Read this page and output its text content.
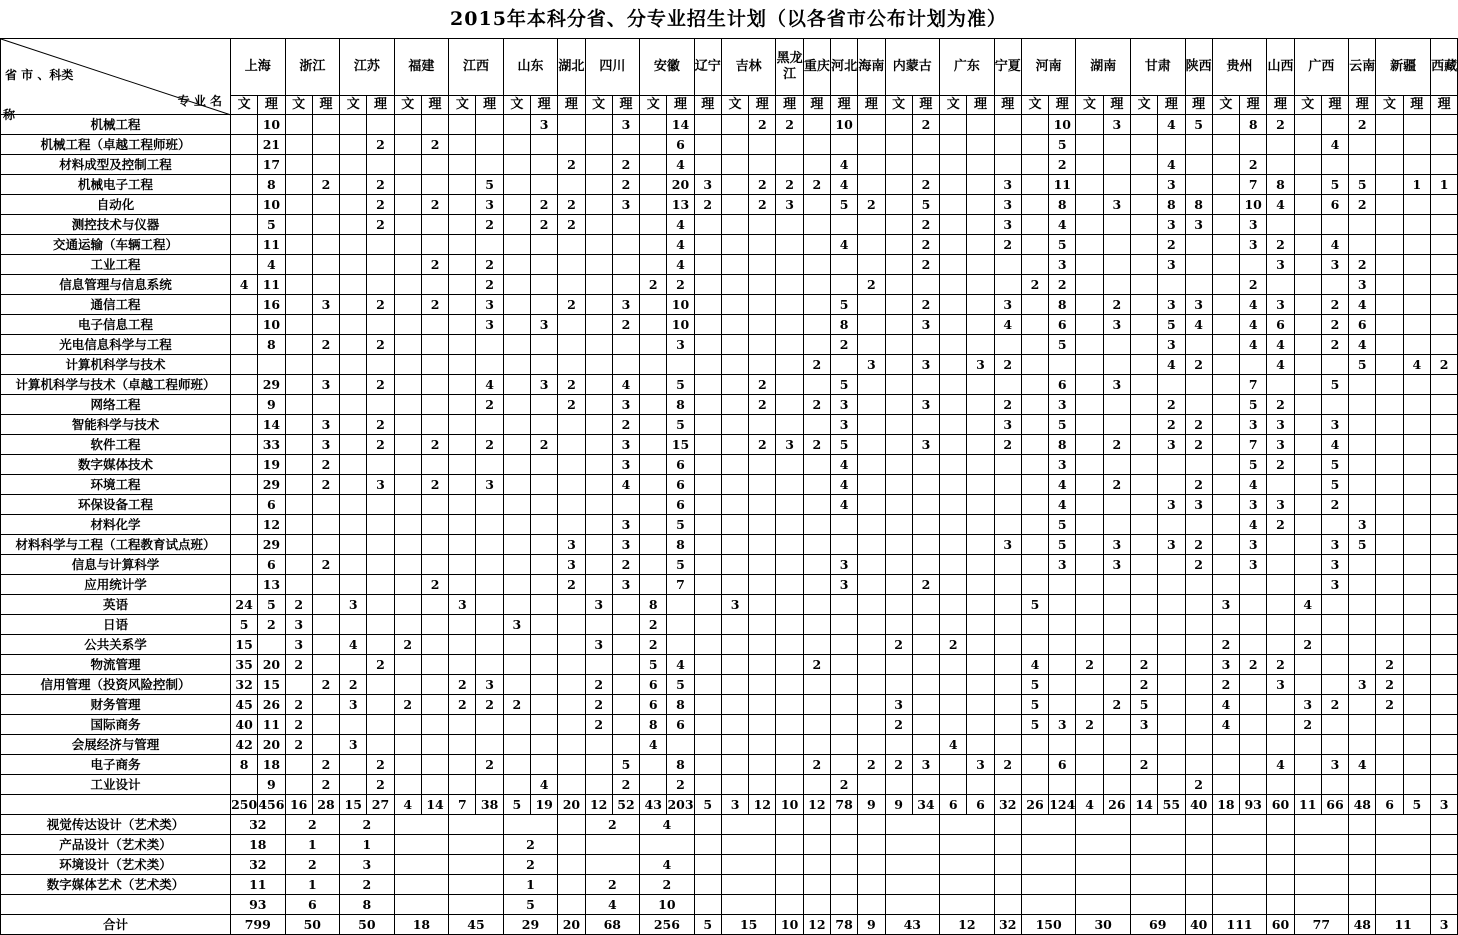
2015年本科分省、分专业招生计划（以各省市公布计划为准）
省 市 、科类
专 业 名
称	上海		浙江		江苏		福建		江西		山东		湖北	四川		安徽		辽宁	吉林		黑龙江	重庆	河北	海南	内蒙古		广东		宁夏	河南		湖南		甘肃		陕西	贵州		山西	广西		云南	新疆		西藏
	文	理	文	理	文	理	文	理	文	理	文	理	理	文	理	文	理	理	文	理	理	理	理	理	文	理	文	理	理	文	理	文	理	文	理	理	文	理	理	文	理	理	文	理	理
机械工程		10										3			3		14			2	2		10			2					10		3		4	5		8	2			2			
机械工程（卓越工程师班）		21				2		2									6														5										4				
材料成型及控制工程		17											2		2		4						4								2				4			2							
机械电子工程		8		2		2				5					2		20	3		2	2	2	4			2			3		11				3			7	8		5	5		1	1
自动化		10				2		2		3		2	2		3		13	2		2	3		5	2		5			3		8		3		8	8		10	4		6	2			
测控技术与仪器		5				2				2		2	2				4									2			3		4				3	3		3							
交通运输（车辆工程）		11															4						4			2			2		5				2			3	2		4				
工业工程		4						2		2							4									2					3				3				3		3	2			
信息管理与信息系统	4	11								2						2	2							2						2	2							2				3			
通信工程		16		3		2		2		3			2		3		10						5			2			3		8		2		3	3		4	3		2	4			
电子信息工程		10								3		3			2		10						8			3			4		6		3		5	4		4	6		2	6			
光电信息科学与工程		8		2		2											3						2								5				3			4	4		2	4			
计算机科学与技术																						2		3		3		3	2						4	2			4			5		4	2
计算机科学与技术（卓越工程师班）		29		3		2				4		3	2		4		5			2			5								6		3					7			5				
网络工程		9								2			2		3		8			2		2	3			3			2		3				2			5	2						
智能科学与技术		14		3		2									2		5						3						3		5				2	2		3	3		3				
软件工程		33		3		2		2		2		2			3		15			2	3	2	5			3			2		8		2		3	2		7	3		4				
数字媒体技术		19		2											3		6						4								3							5	2		5				
环境工程		29		2		3		2		3					4		6						4								4		2			2		4			5				
环保设备工程		6															6						4								4				3	3		3	3		2				
材料化学		12													3		5														5							4	2			3			
材料科学与工程（工程教育试点班）		29											3		3		8												3		5		3		3	2		3			3	5			
信息与计算科学		6		2									3		2		5						3								3		3			2		3			3				
应用统计学		13						2					2		3		7						3			2															3				
英语	24	5	2		3				3					3		8			3											5							3			4					
日语	5	2	3								3					2																													
公共关系学	15		3		4		2							3		2									2		2										2			2					
物流管理	35	20	2			2										5	4					2								4		2		2			3	2	2				2		
信用管理（投资风险控制）	32	15		2	2				2	3				2		6	5													5				2			2		3			3	2		
财务管理	45	26	2		3		2		2	2	2			2		6	8								3					5			2	5			4			3	2		2		
国际商务	40	11	2											2		8	6								2					5	3	2		3			4			2					
会展经济与管理	42	20	2		3											4											4																		
电子商务	8	18		2		2				2					5		8					2		2	2	3		3	2		6			2					4		3	4			
工业设计		9		2		2						4			2		2						2													2									
	250	456	16	28	15	27	4	14	7	38	5	19	20	12	52	43	203	5	3	12	10	12	78	9	9	34	6	6	32	26	124	4	26	14	55	40	18	93	60	11	66	48	6	5	3
视觉传达设计（艺术类）	32		2		2									2		4																													
产品设计（艺术类）	18		1		1						2																																		
环境设计（艺术类）	32		2		3						2					4																													
数字媒体艺术（艺术类）	11		1		2						1			2		2																													
	93		6		8						5			4		10																													
合计	799		50		50		18		45		29		20	68		256		5	15		10	12	78	9	43		12		32	150		30		69		40	111		60	77		48	11		3
